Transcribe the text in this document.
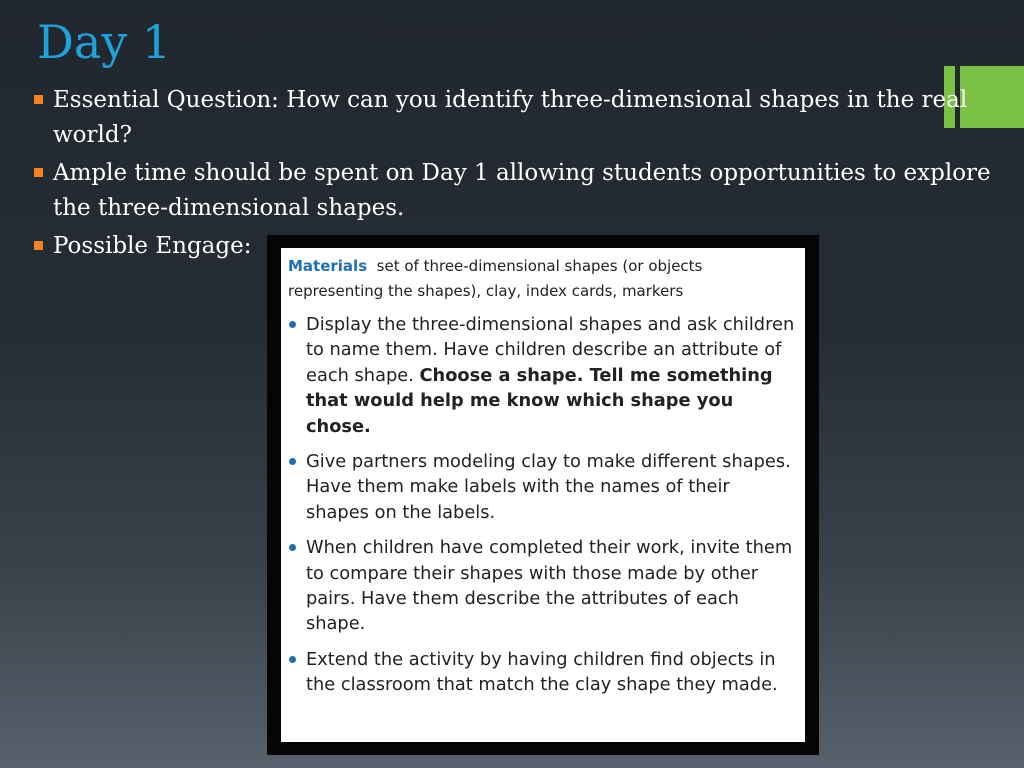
Day 1
Essential Question: How can you identify three-dimensional shapes in the real world?
Ample time should be spent on Day 1 allowing students opportunities to explore the three-dimensional shapes.
Possible Engage:
Materials set of three-dimensional shapes (or objects representing the shapes), clay, index cards, markers
Display the three-dimensional shapes and ask children to name them. Have children describe an attribute of each shape. Choose a shape. Tell me something that would help me know which shape you chose.
Give partners modeling clay to make different shapes. Have them make labels with the names of their shapes on the labels.
When children have completed their work, invite them to compare their shapes with those made by other pairs. Have them describe the attributes of each shape.
Extend the activity by having children find objects in the classroom that match the clay shape they made.
